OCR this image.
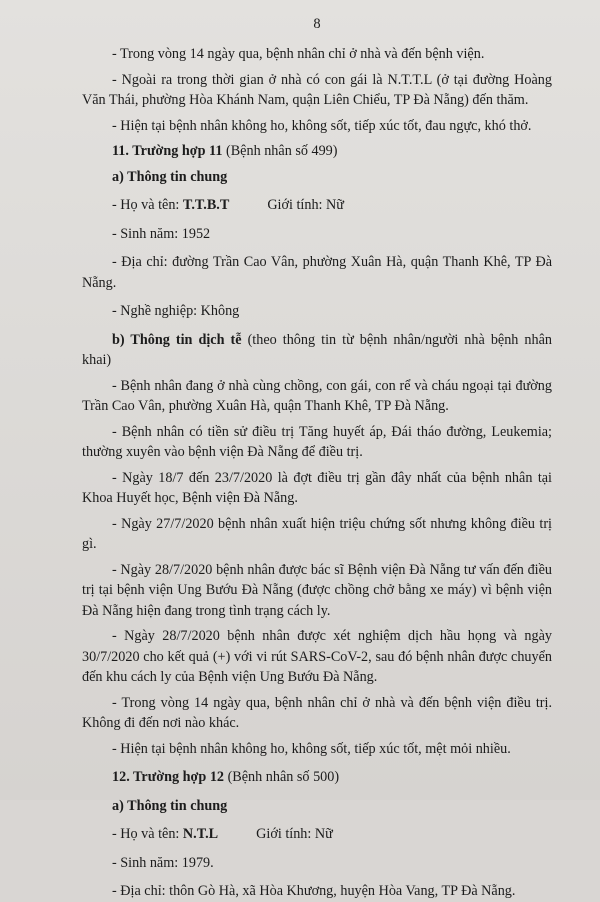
8

- Trong vòng 14 ngày qua, bệnh nhân chỉ ở nhà và đến bệnh viện.

- Ngoài ra trong thời gian ở nhà có con gái là N.T.T.L (ở tại đường Hoàng Văn Thái, phường Hòa Khánh Nam, quận Liên Chiểu, TP Đà Nẵng) đến thăm.

- Hiện tại bệnh nhân không ho, không sốt, tiếp xúc tốt, đau ngực, khó thở.

11. Trường hợp 11 (Bệnh nhân số 499)

a) Thông tin chung

- Họ và tên: T.T.B.T	Giới tính: Nữ

- Sinh năm: 1952

- Địa chỉ: đường Trần Cao Vân, phường Xuân Hà, quận Thanh Khê, TP Đà Nẵng.

- Nghề nghiệp: Không

b) Thông tin dịch tễ (theo thông tin từ bệnh nhân/người nhà bệnh nhân khai)

- Bệnh nhân đang ở nhà cùng chồng, con gái, con rể và cháu ngoại tại đường Trần Cao Vân, phường Xuân Hà, quận Thanh Khê, TP Đà Nẵng.

- Bệnh nhân có tiền sử điều trị Tăng huyết áp, Đái tháo đường, Leukemia; thường xuyên vào bệnh viện Đà Nẵng để điều trị.

- Ngày 18/7 đến 23/7/2020 là đợt điều trị gần đây nhất của bệnh nhân tại Khoa Huyết học, Bệnh viện Đà Nẵng.

- Ngày 27/7/2020 bệnh nhân xuất hiện triệu chứng sốt nhưng không điều trị gì.

- Ngày 28/7/2020 bệnh nhân được bác sĩ Bệnh viện Đà Nẵng tư vấn đến điều trị tại bệnh viện Ung Bướu Đà Nẵng (được chồng chở bằng xe máy) vì bệnh viện Đà Nẵng hiện đang trong tình trạng cách ly.

- Ngày 28/7/2020 bệnh nhân được xét nghiệm dịch hầu họng và ngày 30/7/2020 cho kết quả (+) với vi rút SARS-CoV-2, sau đó bệnh nhân được chuyển đến khu cách ly của Bệnh viện Ung Bướu Đà Nẵng.

- Trong vòng 14 ngày qua, bệnh nhân chỉ ở nhà và đến bệnh viện điều trị. Không đi đến nơi nào khác.

- Hiện tại bệnh nhân không ho, không sốt, tiếp xúc tốt, mệt mỏi nhiều.

12. Trường hợp 12 (Bệnh nhân số 500)

a) Thông tin chung

- Họ và tên: N.T.L	Giới tính: Nữ

- Sinh năm: 1979.

- Địa chỉ: thôn Gò Hà, xã Hòa Khương, huyện Hòa Vang, TP Đà Nẵng.
